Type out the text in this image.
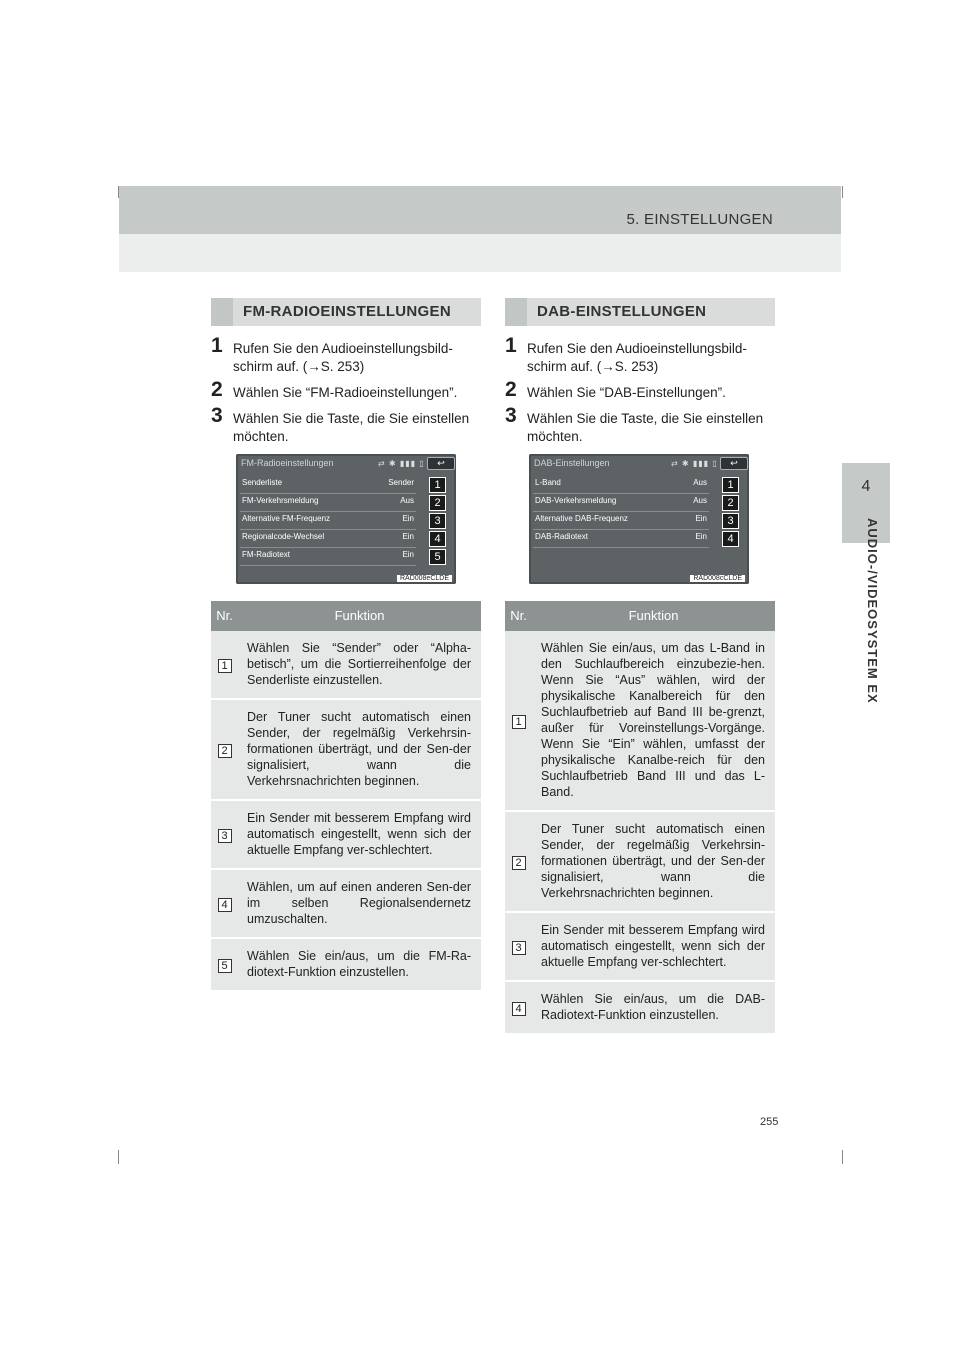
5. EINSTELLUNGEN
4
AUDIO-/VIDEOSYSTEM EX
FM-RADIOEINSTELLUNGEN
1 Rufen Sie den Audioeinstellungsbild-schirm auf. (→S. 253)
2 Wählen Sie “FM-Radioeinstellungen”.
3 Wählen Sie die Taste, die Sie einstellen möchten.
FM-Radioeinstellungen	⇄ ✱ ▮▮▮ ▯	↩
Senderliste	Sender	1
FM-Verkehrsmeldung	Aus	2
Alternative FM-Frequenz	Ein	3
Regionalcode-Wechsel	Ein	4
FM-Radiotext	Ein	5
RAD008eCLDE
Nr.	Funktion
1	Wählen Sie “Sender” oder “Alpha-betisch”, um die Sortierreihenfolge der Senderliste einzustellen.
2	Der Tuner sucht automatisch einen Sender, der regelmäßig Verkehrsin-formationen überträgt, und der Sen-der signalisiert, wann die Verkehrsnachrichten beginnen.
3	Ein Sender mit besserem Empfang wird automatisch eingestellt, wenn sich der aktuelle Empfang ver-schlechtert.
4	Wählen, um auf einen anderen Sen-der im selben Regionalsendernetz umzuschalten.
5	Wählen Sie ein/aus, um die FM-Ra-diotext-Funktion einzustellen.
DAB-EINSTELLUNGEN
1 Rufen Sie den Audioeinstellungsbild-schirm auf. (→S. 253)
2 Wählen Sie “DAB-Einstellungen”.
3 Wählen Sie die Taste, die Sie einstellen möchten.
DAB-Einstellungen	⇄ ✱ ▮▮▮ ▯	↩
L-Band	Aus	1
DAB-Verkehrsmeldung	Aus	2
Alternative DAB-Frequenz	Ein	3
DAB-Radiotext	Ein	4
RAD008cCLDE
Nr.	Funktion
1	Wählen Sie ein/aus, um das L-Band in den Suchlaufbereich einzubezie-hen. Wenn Sie “Aus” wählen, wird der physikalische Kanalbereich für den Suchlaufbetrieb auf Band III be-grenzt, außer für Voreinstellungs-Vorgänge. Wenn Sie “Ein” wählen, umfasst der physikalische Kanalbe-reich für den Suchlaufbetrieb Band III und das L-Band.
2	Der Tuner sucht automatisch einen Sender, der regelmäßig Verkehrsin-formationen überträgt, und der Sen-der signalisiert, wann die Verkehrsnachrichten beginnen.
3	Ein Sender mit besserem Empfang wird automatisch eingestellt, wenn sich der aktuelle Empfang ver-schlechtert.
4	Wählen Sie ein/aus, um die DAB-Radiotext-Funktion einzustellen.
255
